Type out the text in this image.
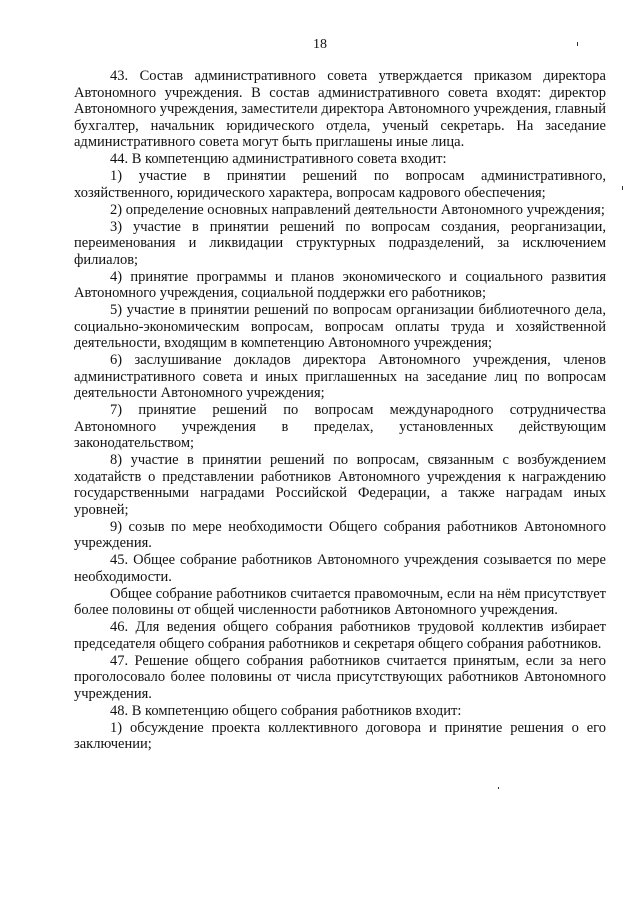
18

43. Состав административного совета утверждается приказом директора Автономного учреждения. В состав административного совета входят: директор Автономного учреждения, заместители директора Автономного учреждения, главный бухгалтер, начальник юридического отдела, ученый секретарь. На заседание административного совета могут быть приглашены иные лица.

44. В компетенцию административного совета входит:

1) участие в принятии решений по вопросам административного, хозяйственного, юридического характера, вопросам кадрового обеспечения;

2) определение основных направлений деятельности Автономного учреждения;

3) участие в принятии решений по вопросам создания, реорганизации, переименования и ликвидации структурных подразделений, за исключением филиалов;

4) принятие программы и планов экономического и социального развития Автономного учреждения, социальной поддержки его работников;

5) участие в принятии решений по вопросам организации библиотечного дела, социально-экономическим вопросам, вопросам оплаты труда и хозяйственной деятельности, входящим в компетенцию Автономного учреждения;

6) заслушивание докладов директора Автономного учреждения, членов административного совета и иных приглашенных на заседание лиц по вопросам деятельности Автономного учреждения;

7) принятие решений по вопросам международного сотрудничества Автономного учреждения в пределах, установленных действующим законодательством;

8) участие в принятии решений по вопросам, связанным с возбуждением ходатайств о представлении работников Автономного учреждения к награждению государственными наградами Российской Федерации, а также наградам иных уровней;

9) созыв по мере необходимости Общего собрания работников Автономного учреждения.

45. Общее собрание работников Автономного учреждения созывается по мере необходимости.

Общее собрание работников считается правомочным, если на нём присутствует более половины от общей численности работников Автономного учреждения.

46. Для ведения общего собрания работников трудовой коллектив избирает председателя общего собрания работников и секретаря общего собрания работников.

47. Решение общего собрания работников считается принятым, если за него проголосовало более половины от числа присутствующих работников Автономного учреждения.

48. В компетенцию общего собрания работников входит:

1) обсуждение проекта коллективного договора и принятие решения о его заключении;
